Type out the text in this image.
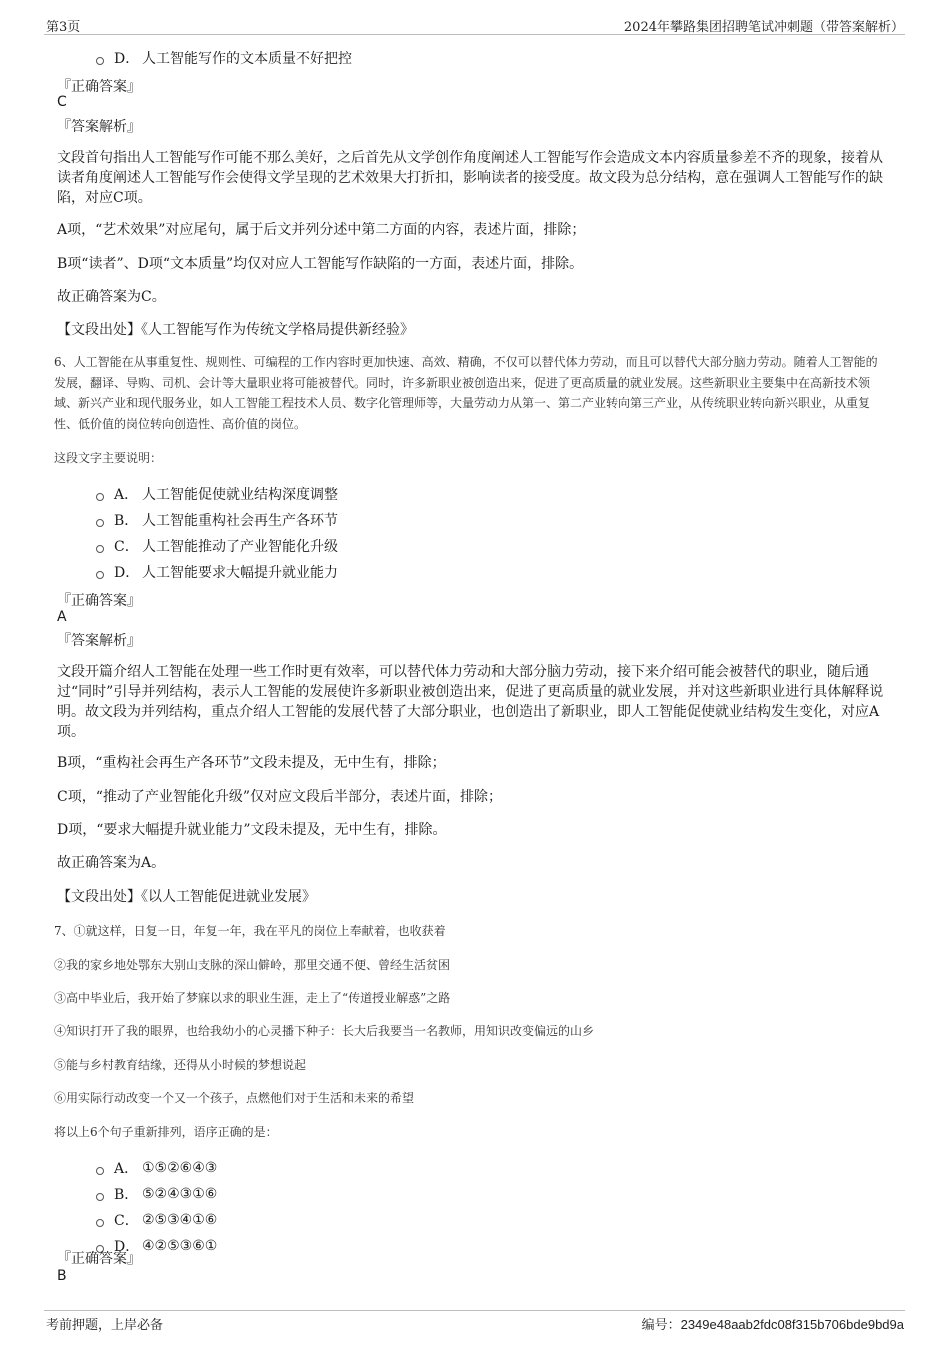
第3页	2024年攀路集团招聘笔试冲刺题（带答案解析）
D． 人工智能写作的文本质量不好把控
『正确答案』
C
『答案解析』
文段首句指出人工智能写作可能不那么美好，之后首先从文学创作角度阐述人工智能写作会造成文本内容质量参差不齐的现象，接着从读者角度阐述人工智能写作会使得文学呈现的艺术效果大打折扣，影响读者的接受度。故文段为总分结构，意在强调人工智能写作的缺陷，对应C项。
A项，“艺术效果”对应尾句，属于后文并列分述中第二方面的内容，表述片面，排除；
B项“读者”、D项“文本质量”均仅对应人工智能写作缺陷的一方面，表述片面，排除。
故正确答案为C。
【文段出处】《人工智能写作为传统文学格局提供新经验》
6、人工智能在从事重复性、规则性、可编程的工作内容时更加快速、高效、精确，不仅可以替代体力劳动，而且可以替代大部分脑力劳动。随着人工智能的发展，翻译、导购、司机、会计等大量职业将可能被替代。同时，许多新职业被创造出来，促进了更高质量的就业发展。这些新职业主要集中在高新技术领域、新兴产业和现代服务业，如人工智能工程技术人员、数字化管理师等，大量劳动力从第一、第二产业转向第三产业，从传统职业转向新兴职业，从重复性、低价值的岗位转向创造性、高价值的岗位。
这段文字主要说明：
A． 人工智能促使就业结构深度调整
B． 人工智能重构社会再生产各环节
C． 人工智能推动了产业智能化升级
D． 人工智能要求大幅提升就业能力
『正确答案』
A
『答案解析』
文段开篇介绍人工智能在处理一些工作时更有效率，可以替代体力劳动和大部分脑力劳动，接下来介绍可能会被替代的职业，随后通过“同时”引导并列结构，表示人工智能的发展使许多新职业被创造出来，促进了更高质量的就业发展，并对这些新职业进行具体解释说明。故文段为并列结构，重点介绍人工智能的发展代替了大部分职业，也创造出了新职业，即人工智能促使就业结构发生变化，对应A项。
B项，“重构社会再生产各环节”文段未提及，无中生有，排除；
C项，“推动了产业智能化升级”仅对应文段后半部分，表述片面，排除；
D项，“要求大幅提升就业能力”文段未提及，无中生有，排除。
故正确答案为A。
【文段出处】《以人工智能促进就业发展》
7、①就这样，日复一日，年复一年，我在平凡的岗位上奉献着，也收获着
②我的家乡地处鄂东大别山支脉的深山僻岭，那里交通不便、曾经生活贫困
③高中毕业后，我开始了梦寐以求的职业生涯，走上了“传道授业解惑”之路
④知识打开了我的眼界，也给我幼小的心灵播下种子：长大后我要当一名教师，用知识改变偏远的山乡
⑤能与乡村教育结缘，还得从小时候的梦想说起
⑥用实际行动改变一个又一个孩子，点燃他们对于生活和未来的希望
将以上6个句子重新排列，语序正确的是：
A． ①⑤②⑥④③
B． ⑤②④③①⑥
C． ②⑤③④①⑥
D． ④②⑤③⑥①
『正确答案』
B
考前押题，上岸必备	编号：2349e48aab2fdc08f315b706bde9bd9a
